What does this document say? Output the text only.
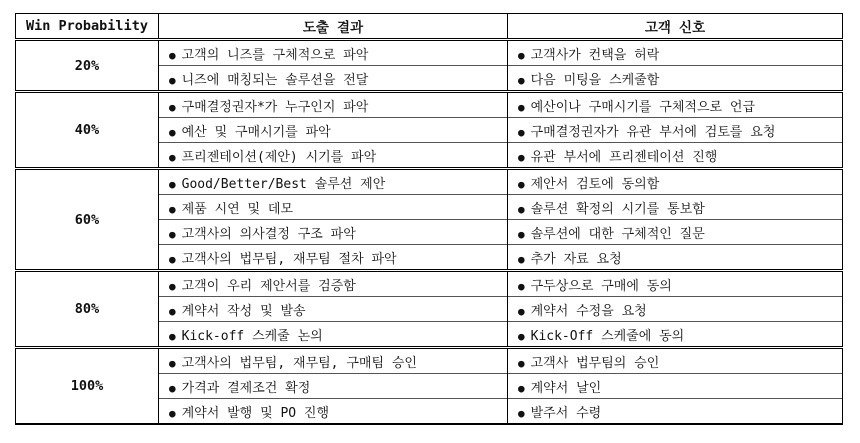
Win Probability	도출 결과	고객 신호
20%	● 고객의 니즈를 구체적으로 파악	● 고객사가 컨택을 허락
	● 니즈에 매칭되는 솔루션을 전달	● 다음 미팅을 스케줄함
40%	● 구매결정권자*가 누구인지 파악	● 예산이나 구매시기를 구체적으로 언급
	● 예산 및 구매시기를 파악	● 구매결정권자가 유관 부서에 검토를 요청
	● 프리젠테이션(제안) 시기를 파악	● 유관 부서에 프리젠테이션 진행
60%	● Good/Better/Best 솔루션 제안	● 제안서 검토에 동의함
	● 제품 시연 및 데모	● 솔루션 확정의 시기를 통보함
	● 고객사의 의사결정 구조 파악	● 솔루션에 대한 구체적인 질문
	● 고객사의 법무팀, 재무팀 절차 파악	● 추가 자료 요청
80%	● 고객이 우리 제안서를 검증함	● 구두상으로 구매에 동의
	● 계약서 작성 및 발송	● 계약서 수정을 요청
	● Kick-off 스케줄 논의	● Kick-Off 스케줄에 동의
100%	● 고객사의 법무팀, 재무팀, 구매팀 승인	● 고객사 법무팀의 승인
	● 가격과 결제조건 확정	● 계약서 날인
	● 계약서 발행 및 PO 진행	● 발주서 수령
